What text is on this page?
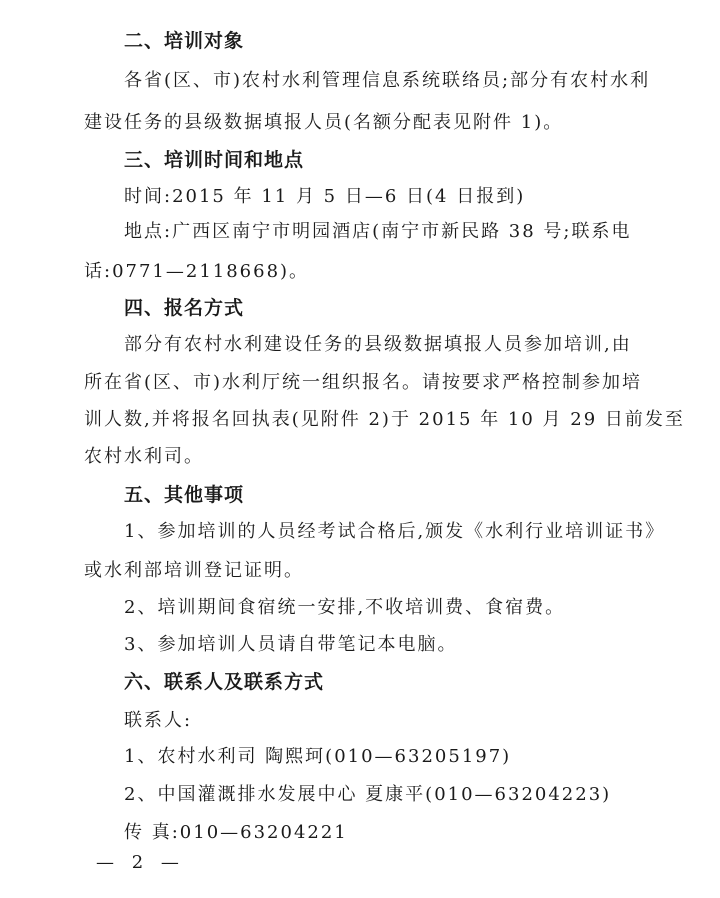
二、培训对象
各省(区、市)农村水利管理信息系统联络员;部分有农村水利
建设任务的县级数据填报人员(名额分配表见附件 1)。
三、培训时间和地点
时间:2015 年 11 月 5 日—6 日(4 日报到)
地点:广西区南宁市明园酒店(南宁市新民路 38 号;联系电
话:0771—2118668)。
四、报名方式
部分有农村水利建设任务的县级数据填报人员参加培训,由
所在省(区、市)水利厅统一组织报名。请按要求严格控制参加培
训人数,并将报名回执表(见附件 2)于 2015 年 10 月 29 日前发至
农村水利司。
五、其他事项
1、参加培训的人员经考试合格后,颁发《水利行业培训证书》
或水利部培训登记证明。
2、培训期间食宿统一安排,不收培训费、食宿费。
3、参加培训人员请自带笔记本电脑。
六、联系人及联系方式
联系人:
1、农村水利司 陶熙珂(010—63205197)
2、中国灌溉排水发展中心 夏康平(010—63204223)
传 真:010—63204221
— 2 —
